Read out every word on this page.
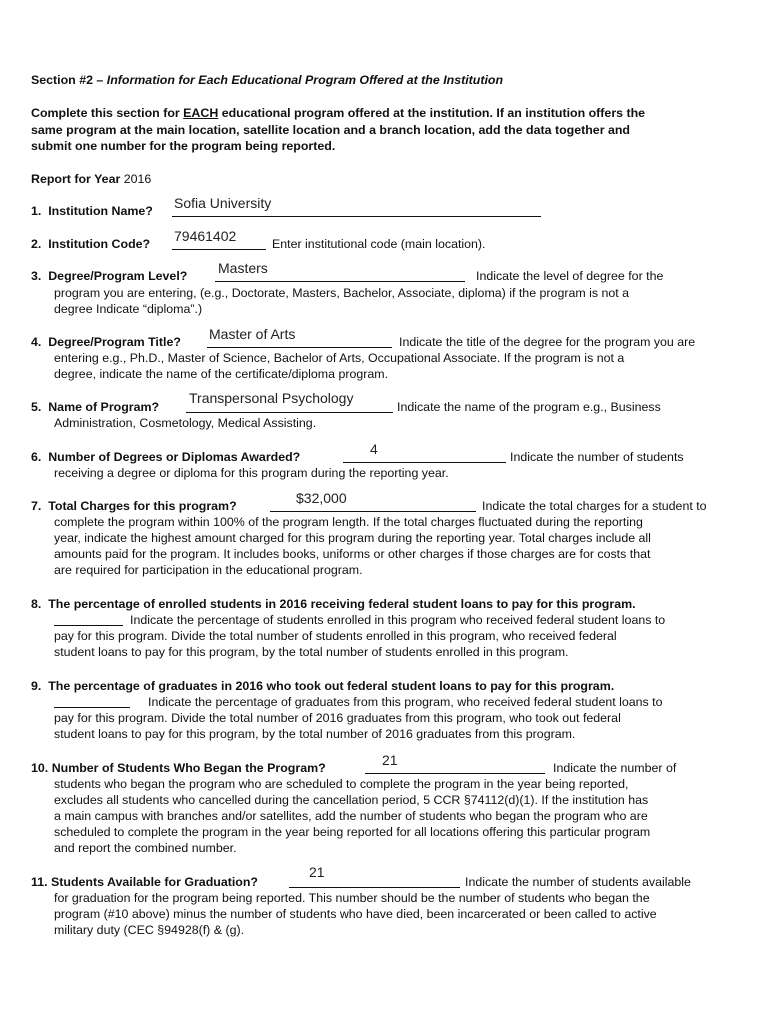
Section #2 – Information for Each Educational Program Offered at the Institution
Complete this section for EACH educational program offered at the institution. If an institution offers the
same program at the main location, satellite location and a branch location, add the data together and
submit one number for the program being reported.
Report for Year 2016
1. Institution Name? Sofia University
2. Institution Code? 79461402	Enter institutional code (main location).
3. Degree/Program Level? Masters	Indicate the level of degree for the
program you are entering, (e.g., Doctorate, Masters, Bachelor, Associate, diploma) if the program is not a
degree Indicate “diploma”.)
4. Degree/Program Title? Master of Arts	Indicate the title of the degree for the program you are
entering e.g., Ph.D., Master of Science, Bachelor of Arts, Occupational Associate. If the program is not a
degree, indicate the name of the certificate/diploma program.
5. Name of Program?
Transpersonal Psychology
Indicate the name of the program e.g., Business
Administration, Cosmetology, Medical Assisting.
6. Number of Degrees or Diplomas Awarded?	4	Indicate the number of students
receiving a degree or diploma for this program during the reporting year.
7. Total Charges for this program?	$32,000	Indicate the total charges for a student to
complete the program within 100% of the program length. If the total charges fluctuated during the reporting
year, indicate the highest amount charged for this program during the reporting year. Total charges include all
amounts paid for the program. It includes books, uniforms or other charges if those charges are for costs that
are required for participation in the educational program.
8. The percentage of enrolled students in 2016 receiving federal student loans to pay for this program.
Indicate the percentage of students enrolled in this program who received federal student loans to
pay for this program. Divide the total number of students enrolled in this program, who received federal
student loans to pay for this program, by the total number of students enrolled in this program.
9. The percentage of graduates in 2016 who took out federal student loans to pay for this program.
Indicate the percentage of graduates from this program, who received federal student loans to
pay for this program. Divide the total number of 2016 graduates from this program, who took out federal
student loans to pay for this program, by the total number of 2016 graduates from this program.
10. Number of Students Who Began the Program?	21	Indicate the number of
students who began the program who are scheduled to complete the program in the year being reported,
excludes all students who cancelled during the cancellation period, 5 CCR §74112(d)(1). If the institution has
a main campus with branches and/or satellites, add the number of students who began the program who are
scheduled to complete the program in the year being reported for all locations offering this particular program
and report the combined number.
11. Students Available for Graduation?
21
Indicate the number of students available
for graduation for the program being reported. This number should be the number of students who began the
program (#10 above) minus the number of students who have died, been incarcerated or been called to active
military duty (CEC §94928(f) & (g).
